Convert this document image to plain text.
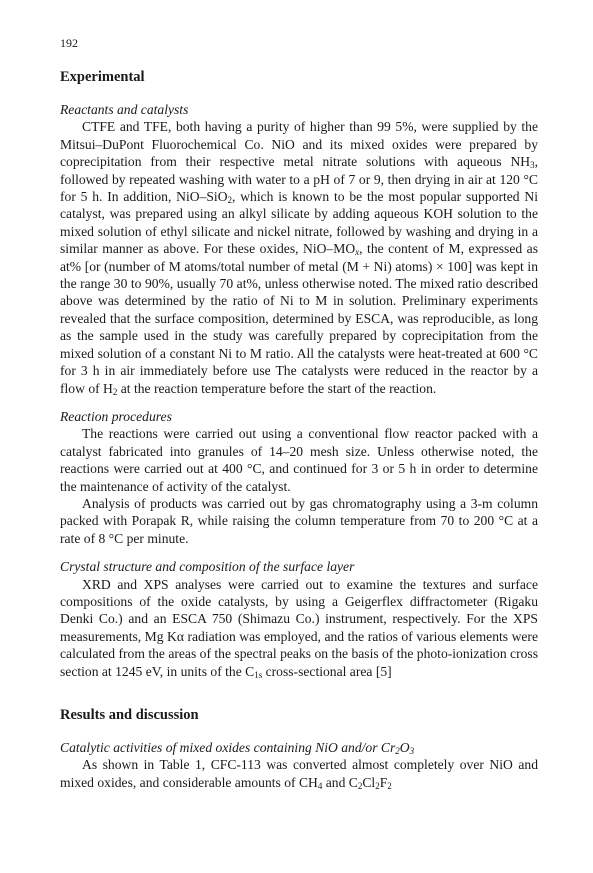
192
Experimental
Reactants and catalysts

CTFE and TFE, both having a purity of higher than 99 5%, were supplied by the Mitsui–DuPont Fluorochemical Co. NiO and its mixed oxides were prepared by coprecipitation from their respective metal nitrate solutions with aqueous $NH_3$, followed by repeated washing with water to a pH of 7 or 9, then drying in air at 120 °C for 5 h. In addition, NiO–SiO$_2$, which is known to be the most popular supported Ni catalyst, was prepared using an alkyl silicate by adding aqueous KOH solution to the mixed solution of ethyl silicate and nickel nitrate, followed by washing and drying in a similar manner as above. For these oxides, NiO–$MO_x$, the content of M, expressed as at% [or (number of M atoms/total number of metal (M + Ni) atoms) × 100] was kept in the range 30 to 90%, usually 70 at%, unless otherwise noted. The mixed ratio described above was determined by the ratio of Ni to M in solution. Preliminary experiments revealed that the surface composition, determined by ESCA, was reproducible, as long as the sample used in the study was carefully prepared by coprecipitation from the mixed solution of a constant Ni to M ratio. All the catalysts were heat-treated at 600 °C for 3 h in air immediately before use The catalysts were reduced in the reactor by a flow of $H_2$ at the reaction temperature before the start of the reaction.

Reaction procedures

The reactions were carried out using a conventional flow reactor packed with a catalyst fabricated into granules of 14–20 mesh size. Unless otherwise noted, the reactions were carried out at 400 °C, and continued for 3 or 5 h in order to determine the maintenance of activity of the catalyst.

Analysis of products was carried out by gas chromatography using a 3-m column packed with Porapak R, while raising the column temperature from 70 to 200 °C at a rate of 8 °C per minute.

Crystal structure and composition of the surface layer

XRD and XPS analyses were carried out to examine the textures and surface compositions of the oxide catalysts, by using a Geigerflex diffractometer (Rigaku Denki Co.) and an ESCA 750 (Shimazu Co.) instrument, respectively. For the XPS measurements, Mg Kα radiation was employed, and the ratios of various elements were calculated from the areas of the spectral peaks on the basis of the photo-ionization cross section at 1245 eV, in units of the $C_{1s}$ cross-sectional area [5]

Results and discussion
Catalytic activities of mixed oxides containing NiO and/or $Cr_2O_3$

As shown in Table 1, CFC-113 was converted almost completely over NiO and mixed oxides, and considerable amounts of $CH_4$ and $C_2Cl_2F_2$
